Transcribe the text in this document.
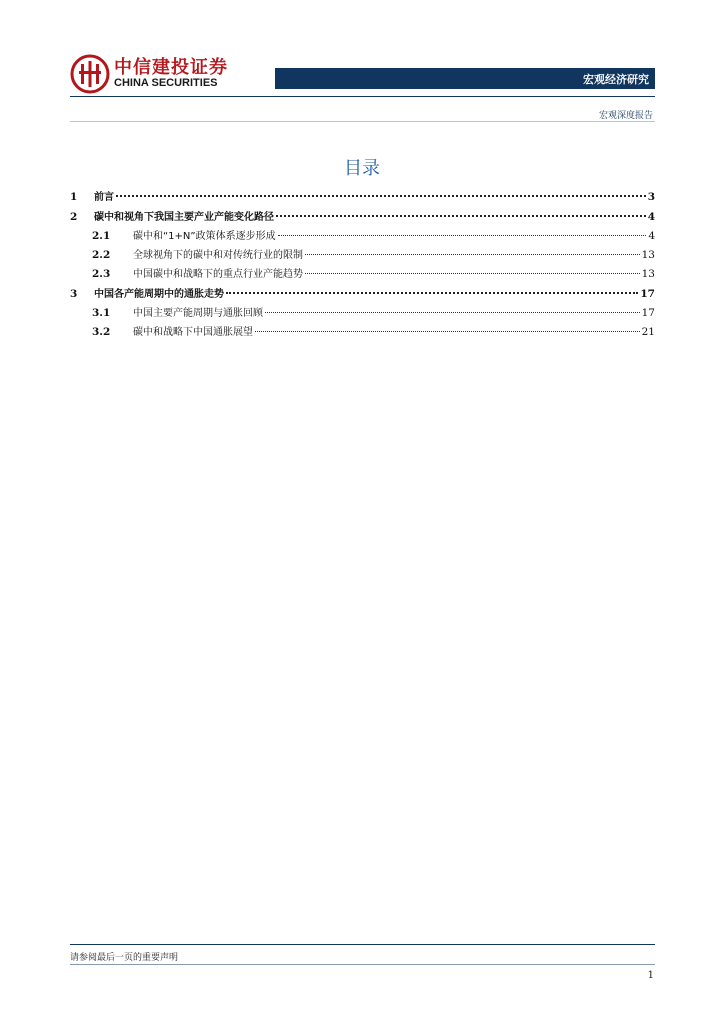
中信建投证券
CHINA SECURITIES	宏观经济研究
宏观深度报告
目录
1	前言	3
2	碳中和视角下我国主要产业产能变化路径	4
2.1	碳中和“1+N”政策体系逐步形成	4
2.2	全球视角下的碳中和对传统行业的限制	13
2.3	中国碳中和战略下的重点行业产能趋势	13
3	中国各产能周期中的通胀走势	17
3.1	中国主要产能周期与通胀回顾	17
3.2	碳中和战略下中国通胀展望	21
请参阅最后一页的重要声明
1
